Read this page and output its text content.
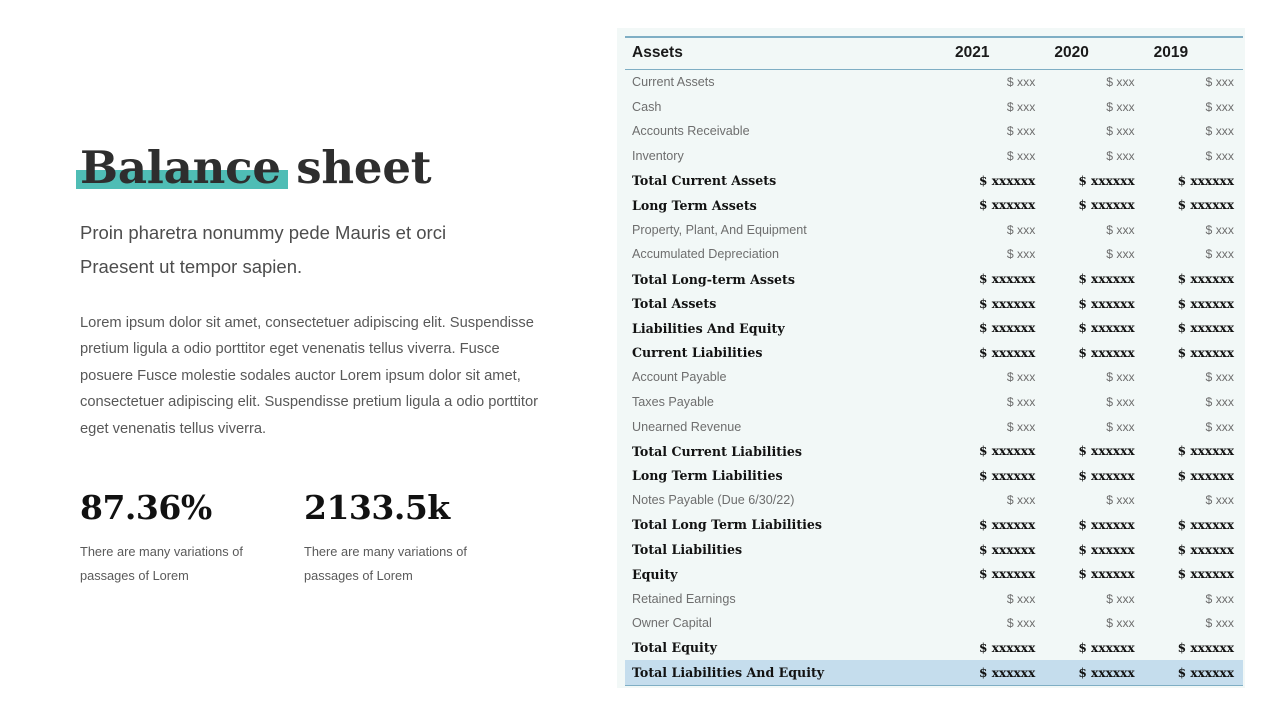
Balance sheet

Proin pharetra nonummy pede Mauris et orci Praesent ut tempor sapien.

Lorem ipsum dolor sit amet, consectetuer adipiscing elit. Suspendisse pretium ligula a odio porttitor eget venenatis tellus viverra. Fusce posuere Fusce molestie sodales auctor Lorem ipsum dolor sit amet, consectetuer adipiscing elit. Suspendisse pretium ligula a odio porttitor eget venenatis tellus viverra.

87.36%
There are many variations of passages of Lorem
2133.5k
There are many variations of passages of Lorem
Assets	2021	2020	2019
Current Assets	$ xxx	$ xxx	$ xxx
Cash	$ xxx	$ xxx	$ xxx
Accounts Receivable	$ xxx	$ xxx	$ xxx
Inventory	$ xxx	$ xxx	$ xxx
Total Current Assets	$ xxxxxx	$ xxxxxx	$ xxxxxx
Long Term Assets	$ xxxxxx	$ xxxxxx	$ xxxxxx
Property, Plant, And Equipment	$ xxx	$ xxx	$ xxx
Accumulated Depreciation	$ xxx	$ xxx	$ xxx
Total Long-term Assets	$ xxxxxx	$ xxxxxx	$ xxxxxx
Total Assets	$ xxxxxx	$ xxxxxx	$ xxxxxx
Liabilities And Equity	$ xxxxxx	$ xxxxxx	$ xxxxxx
Current Liabilities	$ xxxxxx	$ xxxxxx	$ xxxxxx
Account Payable	$ xxx	$ xxx	$ xxx
Taxes Payable	$ xxx	$ xxx	$ xxx
Unearned Revenue	$ xxx	$ xxx	$ xxx
Total Current Liabilities	$ xxxxxx	$ xxxxxx	$ xxxxxx
Long Term Liabilities	$ xxxxxx	$ xxxxxx	$ xxxxxx
Notes Payable (Due 6/30/22)	$ xxx	$ xxx	$ xxx
Total Long Term Liabilities	$ xxxxxx	$ xxxxxx	$ xxxxxx
Total Liabilities	$ xxxxxx	$ xxxxxx	$ xxxxxx
Equity	$ xxxxxx	$ xxxxxx	$ xxxxxx
Retained Earnings	$ xxx	$ xxx	$ xxx
Owner Capital	$ xxx	$ xxx	$ xxx
Total Equity	$ xxxxxx	$ xxxxxx	$ xxxxxx
Total Liabilities And Equity	$ xxxxxx	$ xxxxxx	$ xxxxxx
